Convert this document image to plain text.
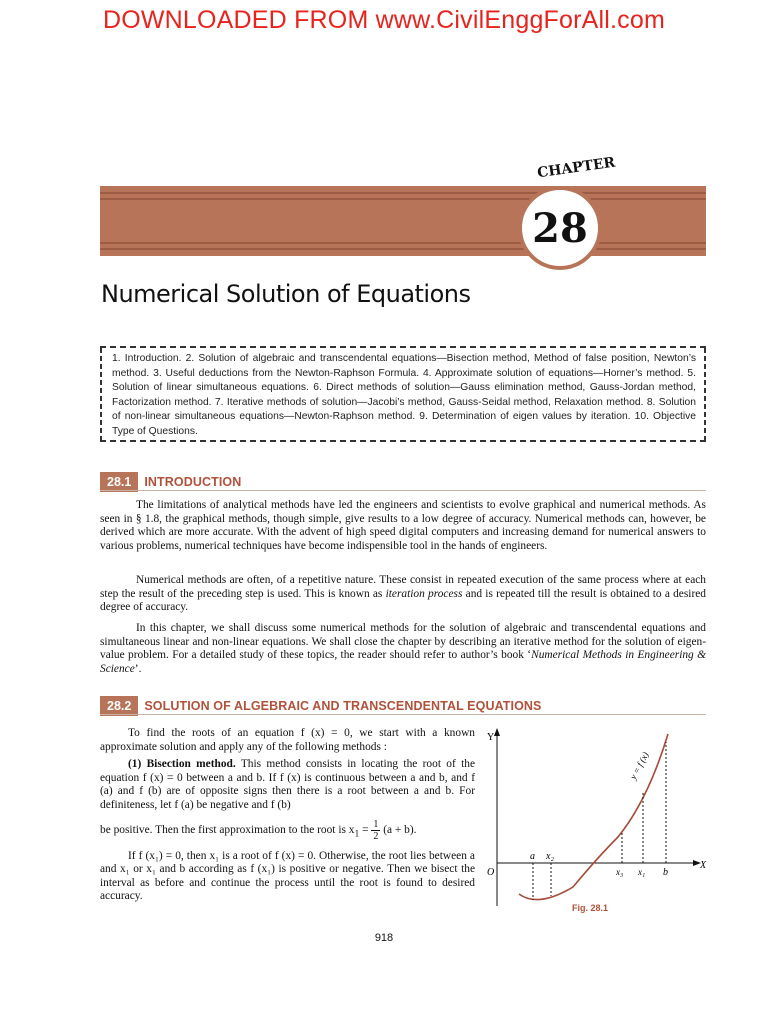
DOWNLOADED FROM www.CivilEnggForAll.com
CHAPTER
28
Numerical Solution of Equations
1. Introduction. 2. Solution of algebraic and transcendental equations—Bisection method, Method of false position, Newton’s method. 3. Useful deductions from the Newton-Raphson Formula. 4. Approximate solution of equations—Horner’s method. 5. Solution of linear simultaneous equations. 6. Direct methods of solution—Gauss elimination method, Gauss-Jordan method, Factorization method. 7. Iterative methods of solution—Jacobi’s method, Gauss-Seidal method, Relaxation method. 8. Solution of non-linear simultaneous equations—Newton-Raphson method. 9. Determination of eigen values by iteration. 10. Objective Type of Questions.
28.1	INTRODUCTION

The limitations of analytical methods have led the engineers and scientists to evolve graphical and numerical methods. As seen in § 1.8, the graphical methods, though simple, give results to a low degree of accuracy. Numerical methods can, however, be derived which are more accurate. With the advent of high speed digital computers and increasing demand for numerical answers to various problems, numerical techniques have become indispensible tool in the hands of engineers.

Numerical methods are often, of a repetitive nature. These consist in repeated execution of the same process where at each step the result of the preceding step is used. This is known as iteration process and is repeated till the result is obtained to a desired degree of accuracy.

In this chapter, we shall discuss some numerical methods for the solution of algebraic and transcendental equations and simultaneous linear and non-linear equations. We shall close the chapter by describing an iterative method for the solution of eigen-value problem. For a detailed study of these topics, the reader should refer to author’s book ‘Numerical Methods in Engineering & Science’.

28.2	SOLUTION OF ALGEBRAIC AND TRANSCENDENTAL EQUATIONS

To find the roots of an equation f (x) = 0, we start with a known approximate solution and apply any of the following methods :

(1) Bisection method. This method consists in locating the root of the equation f (x) = 0 between a and b. If f (x) is continuous between a and b, and f (a) and f (b) are of opposite signs then there is a root between a and b. For definiteness, let f (a) be negative and f (b)

be positive. Then the first approximation to the root is $x_1 = \frac{1}{2} (a + b)$.

If f (x₁) = 0, then x₁ is a root of f (x) = 0. Otherwise, the root lies between a and x₁ or x₁ and b according as f (x₁) is positive or negative. Then we bisect the interval as before and continue the process until the root is found to desired accuracy.

Y
X
O
y = f (x)
a x₂
x₃ x₁ b
Fig. 28.1
918
